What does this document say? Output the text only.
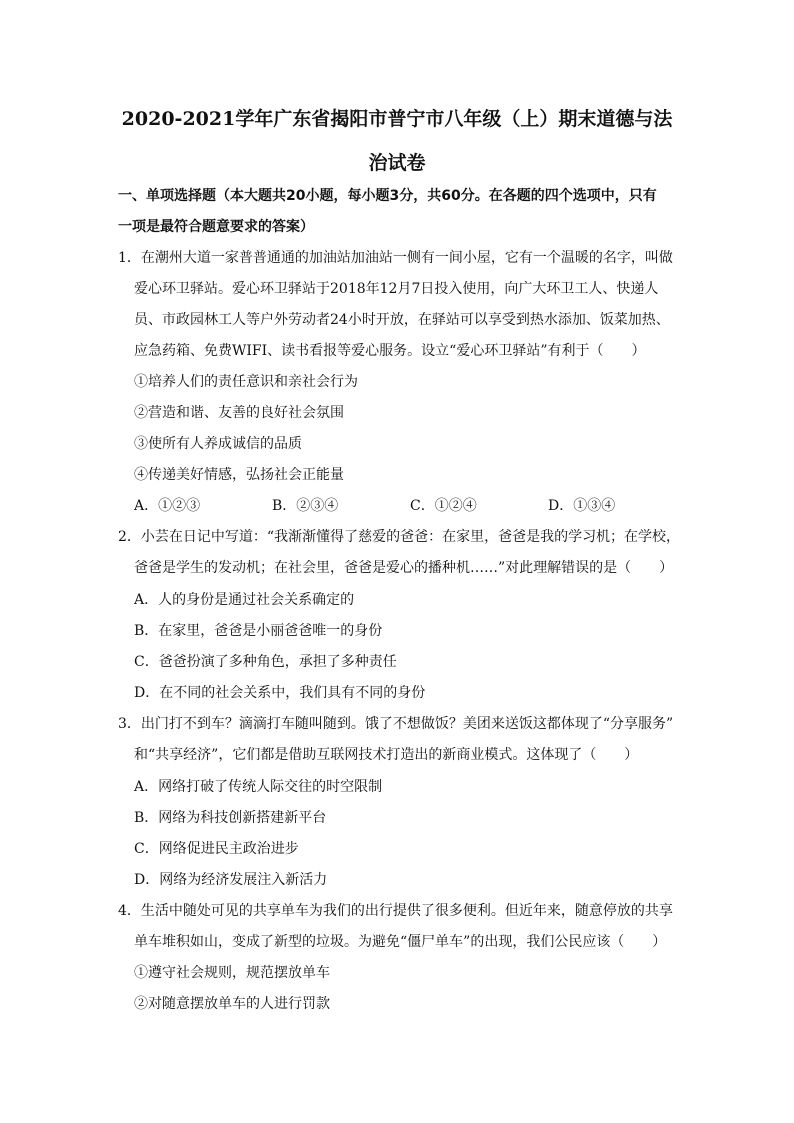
2020-2021学年广东省揭阳市普宁市八年级（上）期末道德与法
治试卷
一、单项选择题（本大题共20小题，每小题3分，共60分。在各题的四个选项中，只有
一项是最符合题意要求的答案）
1．在潮州大道一家普普通通的加油站加油站一侧有一间小屋，它有一个温暖的名字，叫做
爱心环卫驿站。爱心环卫驿站于2018年12月7日投入使用，向广大环卫工人、快递人
员、市政园林工人等户外劳动者24小时开放，在驿站可以享受到热水添加、饭菜加热、
应急药箱、免费WIFI、读书看报等爱心服务。设立“爱心环卫驿站”有利于（　　）
①培养人们的责任意识和亲社会行为
②营造和谐、友善的良好社会氛围
③使所有人养成诚信的品质
④传递美好情感，弘扬社会正能量
A．①②③	B．②③④	C．①②④	D．①③④
2．小芸在日记中写道：“我渐渐懂得了慈爱的爸爸：在家里，爸爸是我的学习机；在学校，
爸爸是学生的发动机；在社会里，爸爸是爱心的播种机……”对此理解错误的是（　　）
A．人的身份是通过社会关系确定的
B．在家里，爸爸是小丽爸爸唯一的身份
C．爸爸扮演了多种角色，承担了多种责任
D．在不同的社会关系中，我们具有不同的身份
3．出门打不到车？滴滴打车随叫随到。饿了不想做饭？美团来送饭这都体现了“分享服务”
和“共享经济”，它们都是借助互联网技术打造出的新商业模式。这体现了（　　）
A．网络打破了传统人际交往的时空限制
B．网络为科技创新搭建新平台
C．网络促进民主政治进步
D．网络为经济发展注入新活力
4．生活中随处可见的共享单车为我们的出行提供了很多便利。但近年来，随意停放的共享
单车堆积如山，变成了新型的垃圾。为避免“僵尸单车”的出现，我们公民应该（　　）
①遵守社会规则，规范摆放单车
②对随意摆放单车的人进行罚款
